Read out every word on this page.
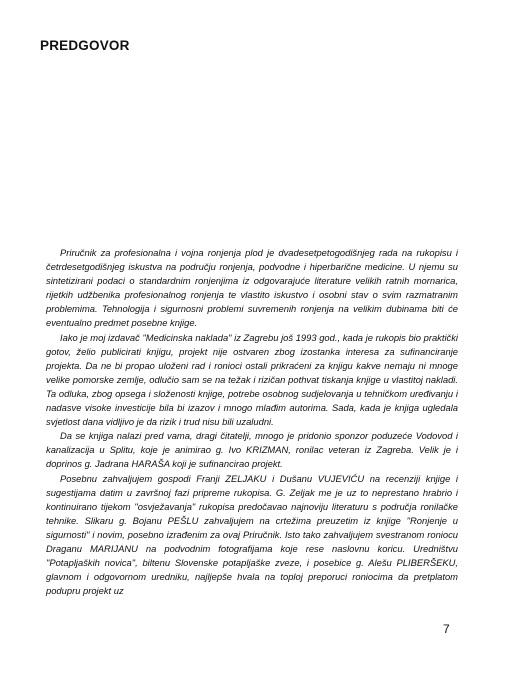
PREDGOVOR

Priručnik za profesionalna i vojna ronjenja plod je dvadesetpetogodišnjeg rada na rukopisu i četrdesetgodišnjeg iskustva na području ronjenja, podvodne i hiperbarične medicine. U njemu su sintetizirani podaci o standardnim ronjenjima iz odgovarajuće literature velikih ratnih mornarica, rijetkih udžbenika profesionalnog ronjenja te vlastito iskustvo i osobni stav o svim razmatranim problemima. Tehnologija i sigurnosni problemi suvremenih ronjenja na velikim dubinama biti će eventualno predmet posebne knjige.

Iako je moj izdavač "Medicinska naklada" iz Zagrebu još 1993 god., kada je rukopis bio praktički gotov, želio publicirati knjigu, projekt nije ostvaren zbog izostanka interesa za sufinanciranje projekta. Da ne bi propao uloženi rad i ronioci ostali prikraćeni za knjigu kakve nemaju ni mnoge velike pomorske zemlje, odlučio sam se na težak i rizičan pothvat tiskanja knjige u vlastitoj nakladi. Ta odluka, zbog opsega i složenosti knjige, potrebe osobnog sudjelovanja u tehničkom uređivanju i nadasve visoke investicije bila bi izazov i mnogo mlađim autorima. Sada, kada je knjiga ugledala svjetlost dana vidljivo je da rizik i trud nisu bili uzaludni.

Da se knjiga nalazi pred vama, dragi čitatelji, mnogo je pridonio sponzor poduzeće Vodovod i kanalizacija u Splitu, koje je animirao g. Ivo KRIZMAN, ronilac veteran iz Zagreba. Velik je i doprinos g. Jadrana HARAŠA koji je sufinancirao projekt.

Posebnu zahvaljujem gospodi Franji ZELJAKU i Dušanu VUJEVIĆU na recenziji knjige i sugestijama datim u završnoj fazi pripreme rukopisa. G. Zeljak me je uz to neprestano hrabrio i kontinuirano tijekom "osvježavanja" rukopisa predočavao najnoviju literaturu s područja ronilačke tehnike. Slikaru g. Bojanu PEŠLU zahvaljujem na crtežima preuzetim iz knjige "Ronjenje u sigurnosti" i novim, posebno izrađenim za ovaj Priručnik. Isto tako zahvaljujem svestranom roniocu Draganu MARIJANU na podvodnim fotografijama koje rese naslovnu koricu. Uredništvu "Potapljaških novica", biltenu Slovenske potapljaške zveze, i posebice g. Alešu PLIBERŠEKU, glavnom i odgovornom uredniku, najljepše hvala na toploj preporuci roniocima da pretplatom podupru projekt uz

7
